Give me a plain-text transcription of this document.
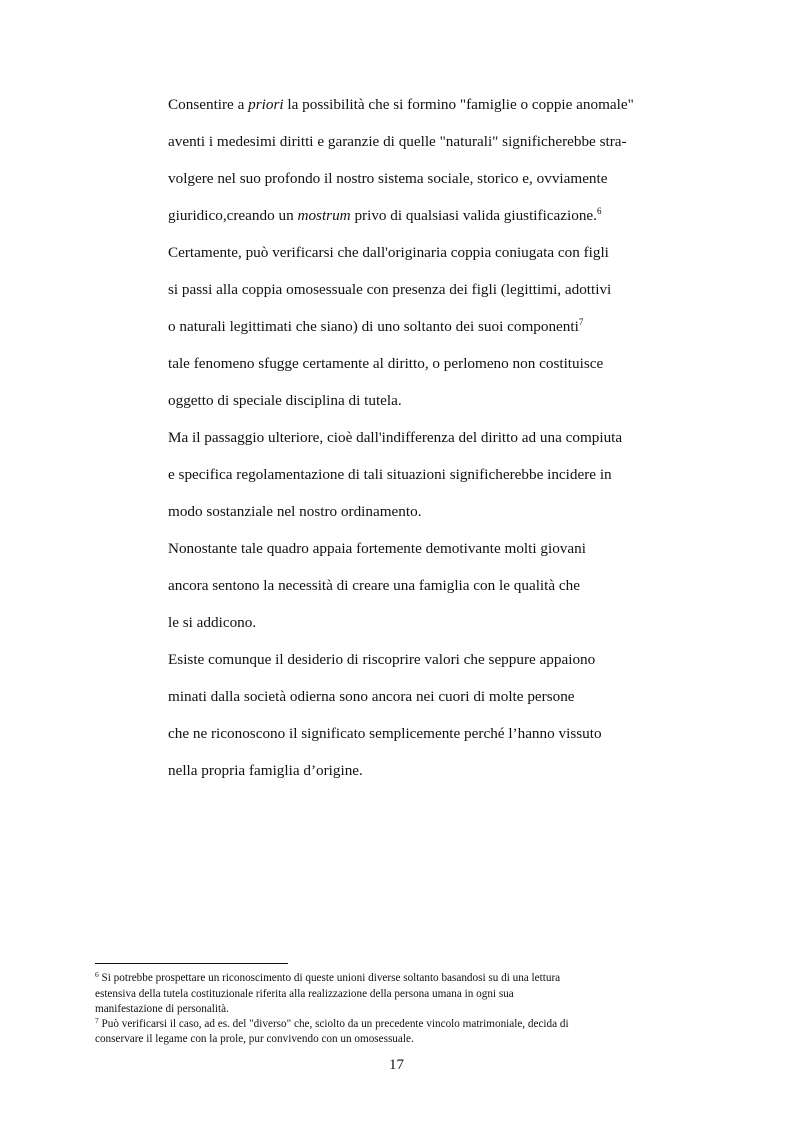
Consentire a priori la possibilità che si formino "famiglie o coppie anomale"
aventi i medesimi diritti e garanzie di quelle "naturali" significherebbe stra-
volgere nel suo profondo il nostro sistema sociale, storico e, ovviamente
giuridico,creando un mostrum privo di qualsiasi valida giustificazione.$^6$
Certamente, può verificarsi che dall'originaria coppia coniugata con figli
si passi alla coppia omosessuale con presenza dei figli (legittimi, adottivi
o naturali legittimati che siano) di uno soltanto dei suoi componenti$^7$
tale fenomeno sfugge certamente al diritto, o perlomeno non costituisce
oggetto di speciale disciplina di tutela.
Ma il passaggio ulteriore, cioè dall'indifferenza del diritto ad una compiuta
e specifica regolamentazione di tali situazioni significherebbe incidere in
modo sostanziale nel nostro ordinamento.
Nonostante tale quadro appaia fortemente demotivante molti giovani
ancora sentono la necessità di creare una famiglia con le qualità che
le si addicono.
Esiste comunque il desiderio di riscoprire valori che seppure appaiono
minati dalla società odierna sono ancora nei cuori di molte persone
che ne riconoscono il significato semplicemente perché l’hanno vissuto
nella propria famiglia d’origine.
$^6$ Si potrebbe prospettare un riconoscimento di queste unioni diverse soltanto basandosi su di una lettura
estensiva della tutela costituzionale riferita alla realizzazione della persona umana in ogni sua
manifestazione di personalità.
$^7$ Può verificarsi il caso, ad es. del "diverso" che, sciolto da un precedente vincolo matrimoniale, decida di
conservare il legame con la prole, pur convivendo con un omosessuale.
17
